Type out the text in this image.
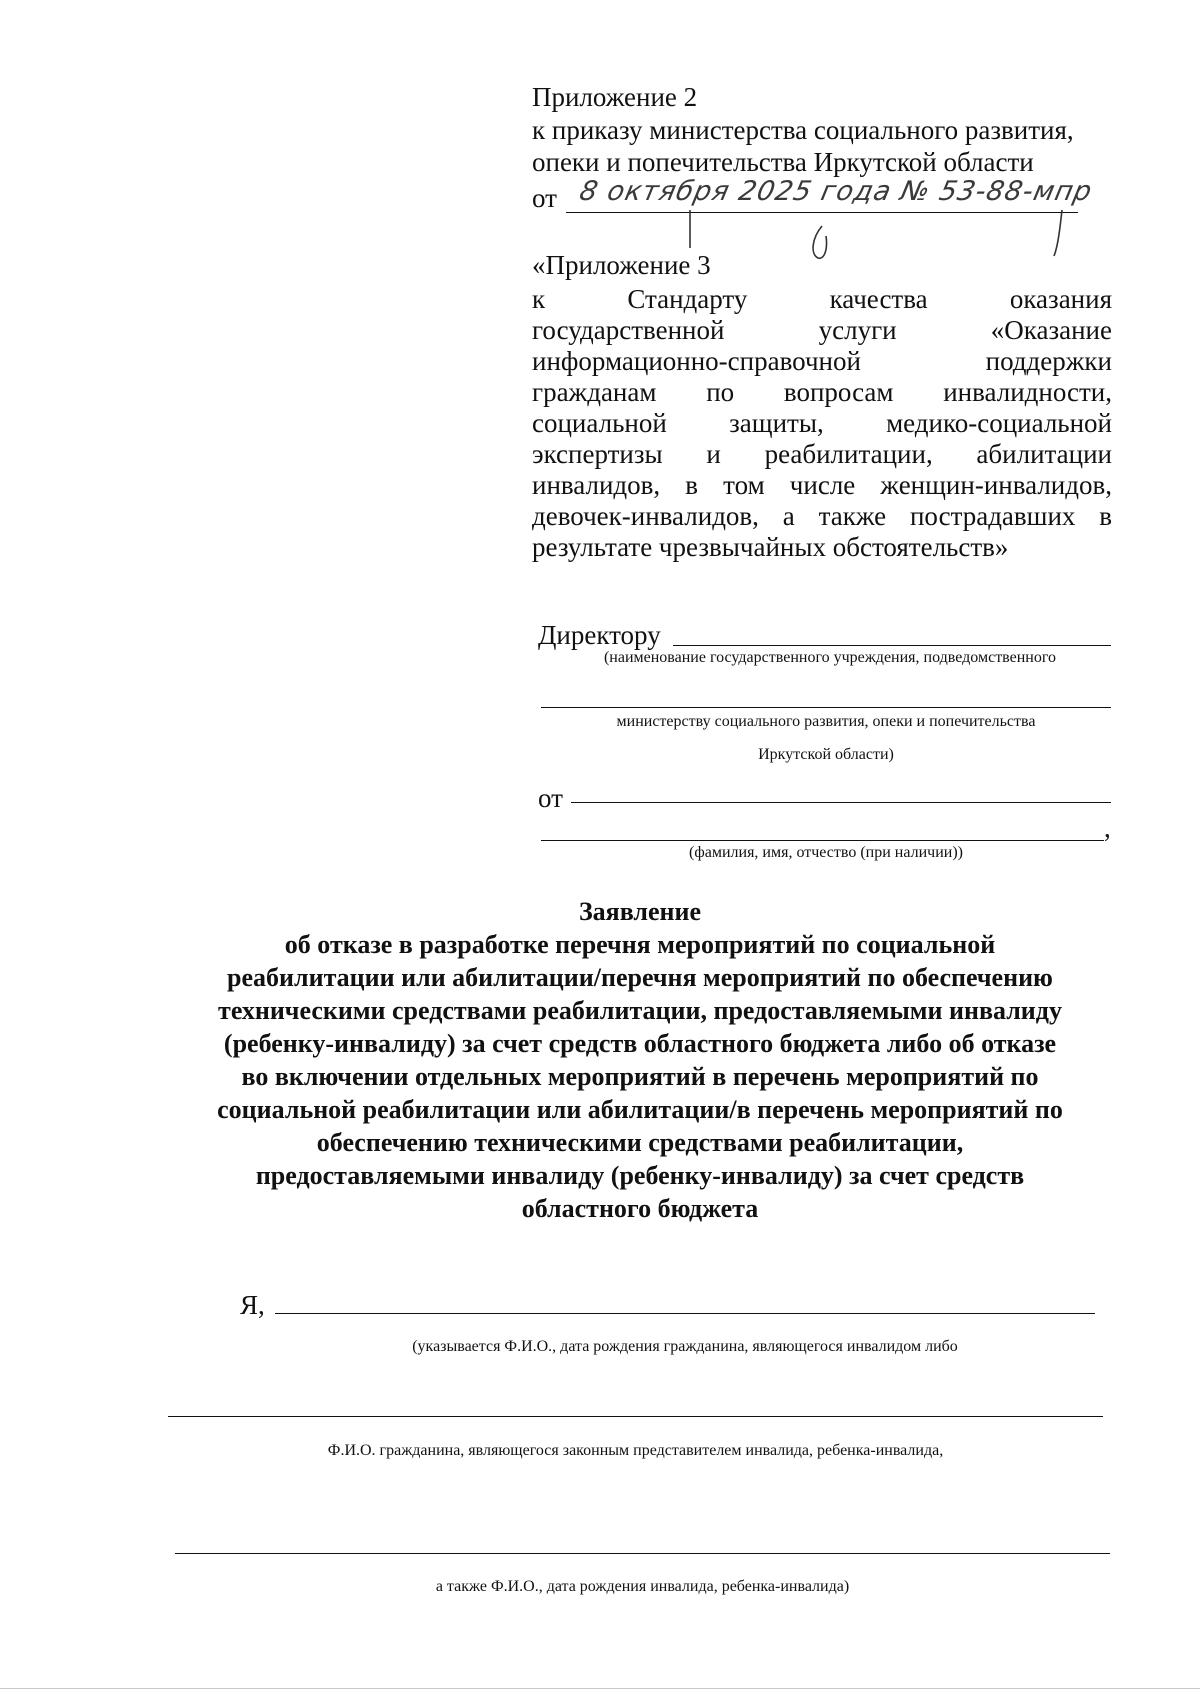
Приложение 2
к приказу министерства социального развития,
опеки и попечительства Иркутской области
от 8 октября 2025 года № 53-88-мпр
«Приложение 3
к Стандарту качества оказания
государственной услуги «Оказание
информационно-справочной поддержки
гражданам по вопросам инвалидности,
социальной защиты, медико-социальной
экспертизы и реабилитации, абилитации
инвалидов, в том числе женщин-инвалидов,
девочек-инвалидов, а также пострадавших в
результате чрезвычайных обстоятельств»
Директору
(наименование государственного учреждения, подведомственного
министерству социального развития, опеки и попечительства
Иркутской области)
от
,
(фамилия, имя, отчество (при наличии))
Заявление
об отказе в разработке перечня мероприятий по социальной
реабилитации или абилитации/перечня мероприятий по обеспечению
техническими средствами реабилитации, предоставляемыми инвалиду
(ребенку-инвалиду) за счет средств областного бюджета либо об отказе
во включении отдельных мероприятий в перечень мероприятий по
социальной реабилитации или абилитации/в перечень мероприятий по
обеспечению техническими средствами реабилитации,
предоставляемыми инвалиду (ребенку-инвалиду) за счет средств
областного бюджета
Я,
(указывается Ф.И.О., дата рождения гражданина, являющегося инвалидом либо
Ф.И.О. гражданина, являющегося законным представителем инвалида, ребенка-инвалида,
а также Ф.И.О., дата рождения инвалида, ребенка-инвалида)
